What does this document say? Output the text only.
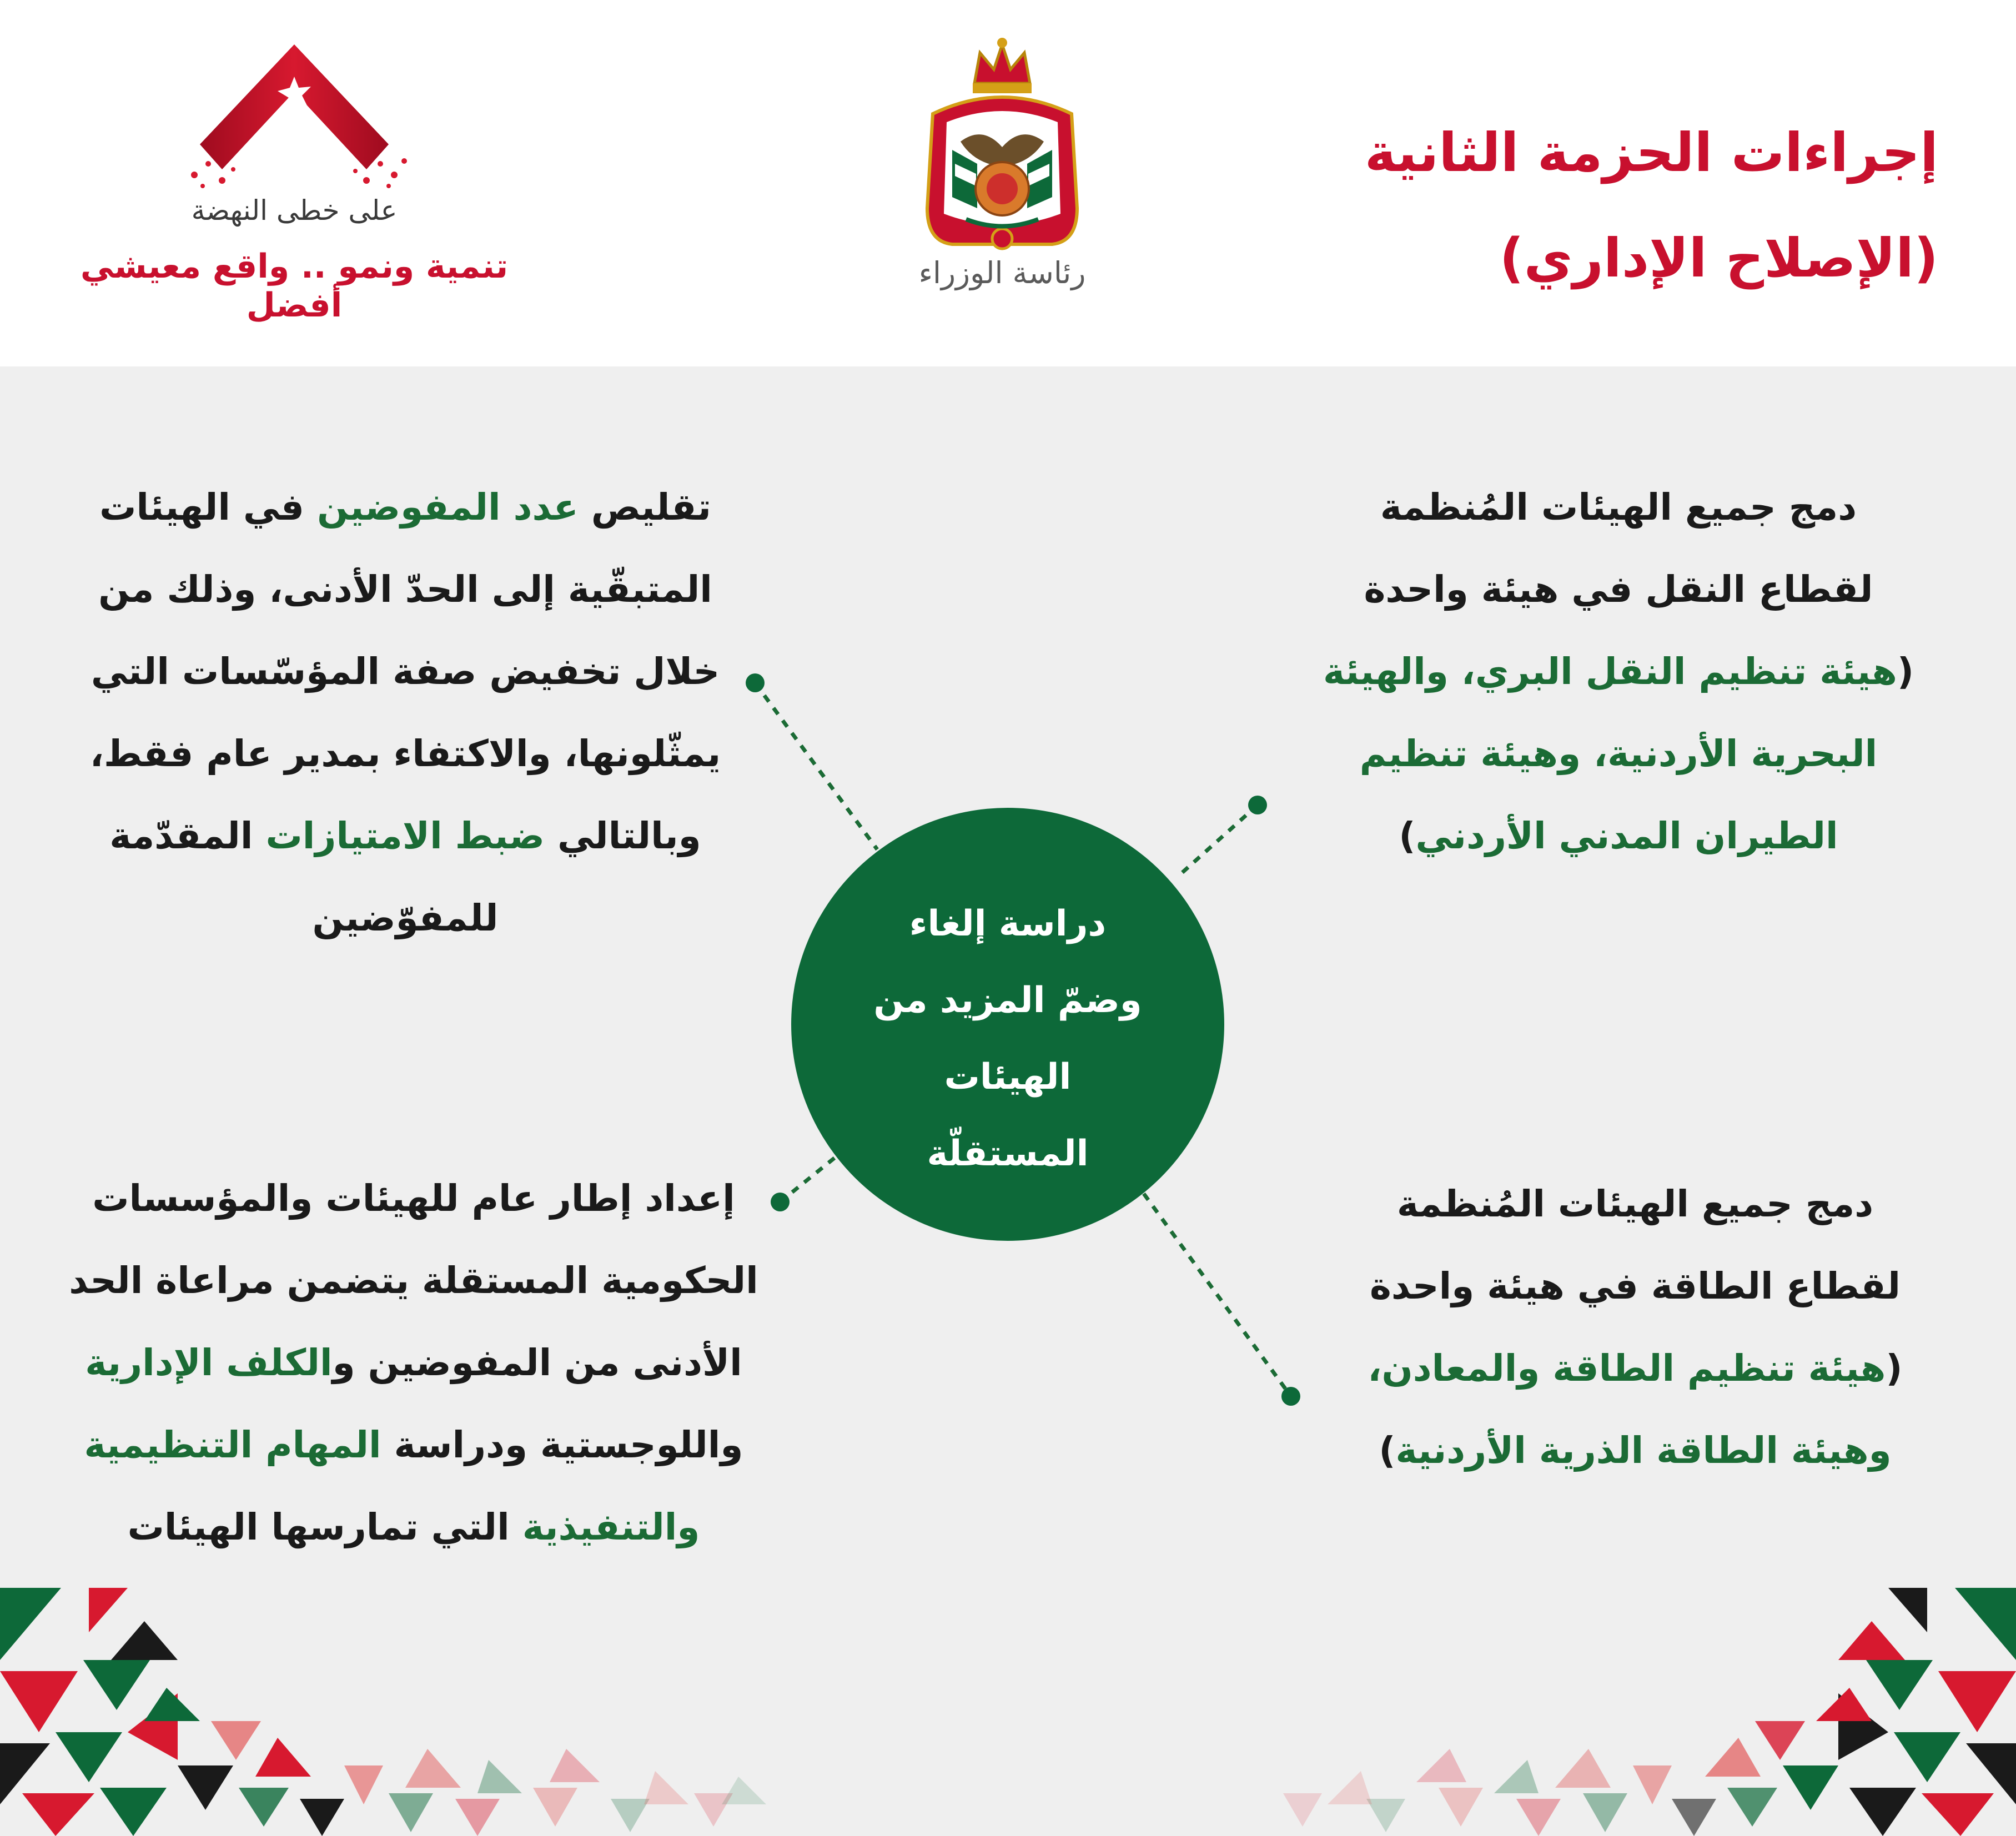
إجراءات الحزمة الثانية
(الإصلاح الإداري)
رئاسة الوزراء
على خطى النهضة
تنمية ونمو .. واقع معيشي أفضل
دراسة إلغاء
وضمّ المزيد من الهيئات
المستقلّة
دمج جميع الهيئات المُنظمة
لقطاع النقل في هيئة واحدة
(هيئة تنظيم النقل البري، والهيئة
البحرية الأردنية، وهيئة تنظيم
الطيران المدني الأردني)
تقليص عدد المفوضين في الهيئات
المتبقّية إلى الحدّ الأدنى، وذلك من
خلال تخفيض صفة المؤسّسات التي
يمثّلونها، والاكتفاء بمدير عام فقط،
وبالتالي ضبط الامتيازات المقدّمة
للمفوّضين
دمج جميع الهيئات المُنظمة
لقطاع الطاقة في هيئة واحدة
(هيئة تنظيم الطاقة والمعادن،
وهيئة الطاقة الذرية الأردنية)
إعداد إطار عام للهيئات والمؤسسات
الحكومية المستقلة يتضمن مراعاة الحد
الأدنى من المفوضين والكلف الإدارية
واللوجستية ودراسة المهام التنظيمية
والتنفيذية التي تمارسها الهيئات
